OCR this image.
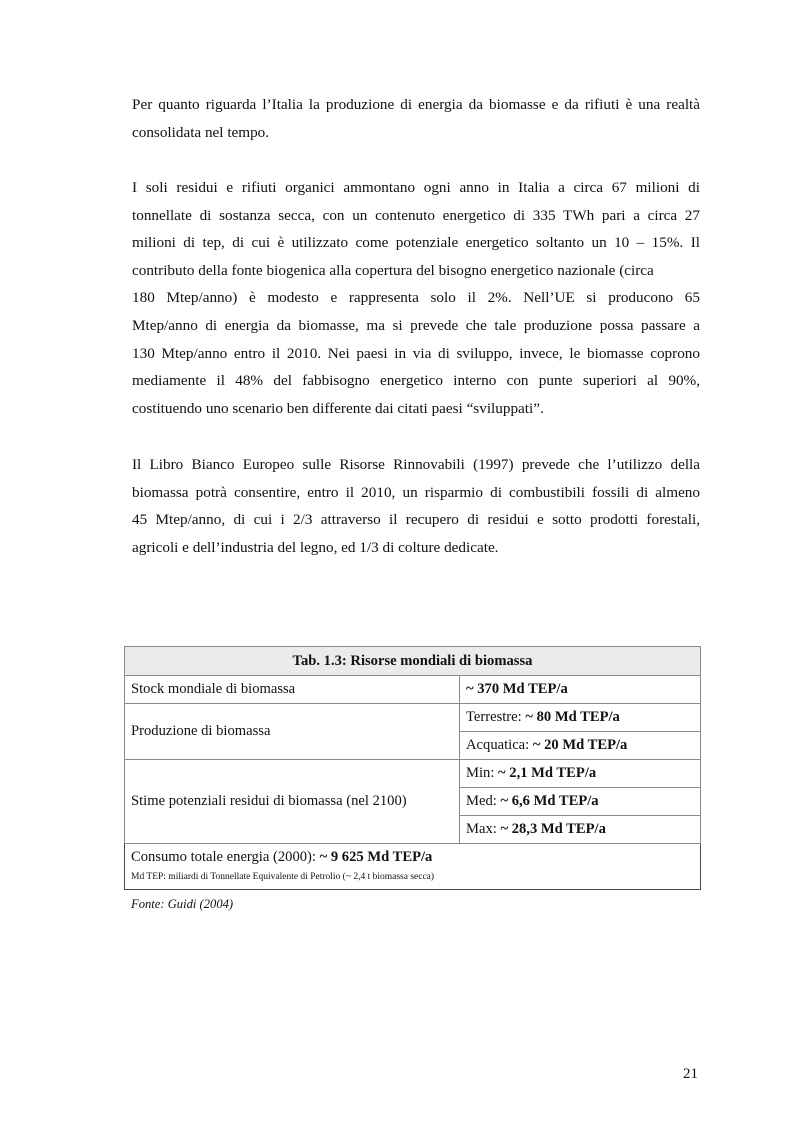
Per quanto riguarda l’Italia la produzione di energia da biomasse e da rifiuti è una realtà
consolidata nel tempo.
I soli residui e rifiuti organici ammontano ogni anno in Italia a circa 67 milioni di
tonnellate di sostanza secca, con un contenuto energetico di 335 TWh pari a circa 27
milioni di tep, di cui è utilizzato come potenziale energetico soltanto un 10 – 15%. Il
contributo della fonte biogenica alla copertura del bisogno energetico nazionale (circa
180 Mtep/anno) è modesto e rappresenta solo il 2%. Nell’UE si producono 65
Mtep/anno di energia da biomasse, ma si prevede che tale produzione possa passare a
130 Mtep/anno entro il 2010. Nei paesi in via di sviluppo, invece, le biomasse coprono
mediamente il 48% del fabbisogno energetico interno con punte superiori al 90%,
costituendo uno scenario ben differente dai citati paesi “sviluppati”.
Il Libro Bianco Europeo sulle Risorse Rinnovabili (1997) prevede che l’utilizzo della
biomassa potrà consentire, entro il 2010, un risparmio di combustibili fossili di almeno
45 Mtep/anno, di cui i 2/3 attraverso il recupero di residui e sotto prodotti forestali,
agricoli e dell’industria del legno, ed 1/3 di colture dedicate.
Tab. 1.3: Risorse mondiali di biomassa	
Stock mondiale di biomassa	~ 370 Md TEP/a
Produzione di biomassa	Terrestre: ~ 80 Md TEP/a
	Acquatica: ~ 20 Md TEP/a
Stime potenziali residui di biomassa (nel 2100)	Min: ~ 2,1 Md TEP/a
	Med: ~ 6,6 Md TEP/a
	Max: ~ 28,3 Md TEP/a

Consumo totale energia (2000): ~ 9 625 Md TEP/a
Md TEP: miliardi di Tonnellate Equivalente di Petrolio (~ 2,4 t biomassa secca)	
Fonte: Guidi (2004)
21
